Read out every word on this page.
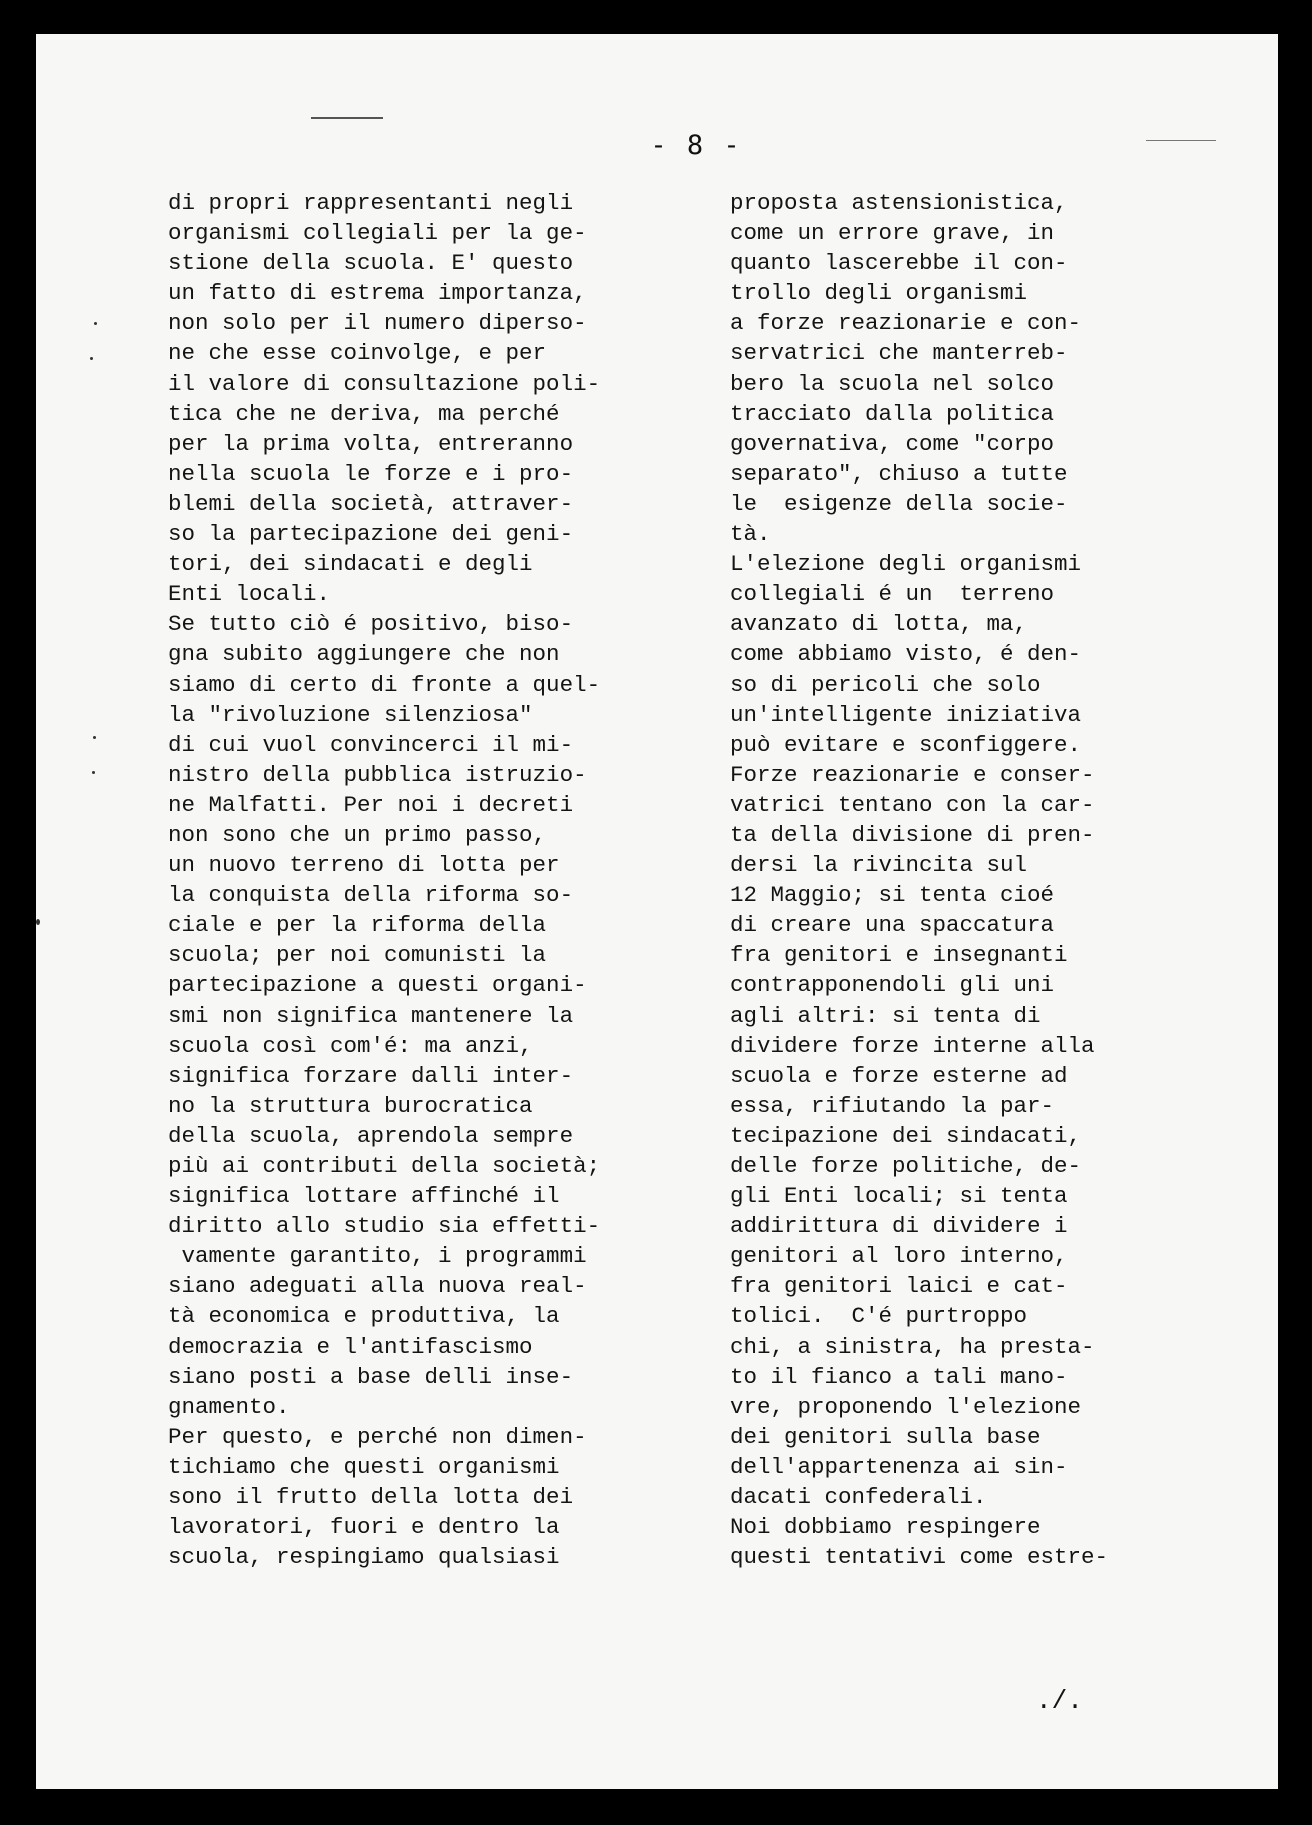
- 8 -
di propri rappresentanti negli
organismi collegiali per la ge-
stione della scuola. E' questo
un fatto di estrema importanza,
non solo per il numero dipersо-
ne che esse coinvolge, e per
il valore di consultazione poli-
tica che ne deriva, ma perché
per la prima volta, entreranno
nella scuola le forze e i pro-
blemi della società, attraver-
so la partecipazione dei geni-
tori, dei sindacati e degli
Enti locali.
Se tutto ciò é positivo, biso-
gna subito aggiungere che non
siamo di certo di fronte a quel-
la "rivoluzione silenziosa"
di cui vuol convincerci il mi-
nistro della pubblica istruzio-
ne Malfatti. Per noi i decreti
non sono che un primo passo,
un nuovo terreno di lotta per
la conquista della riforma so-
ciale e per la riforma della
scuola; per noi comunisti la
partecipazione a questi organi-
smi non significa mantenere la
scuola così com'é: ma anzi,
significa forzare dalli inter-
no la struttura burocratica
della scuola, aprendola sempre
più ai contributi della società;
significa lottare affinché il
diritto allo studio sia effetti-
vamente garantito, i programmi
siano adeguati alla nuova real-
tà economica e produttiva, la
democrazia e l'antifascismo
siano posti a base delli inse-
gnamento.
Per questo, e perché non dimen-
tichiamo che questi organismi
sono il frutto della lotta dei
lavoratori, fuori e dentro la
scuola, respingiamo qualsiasi
proposta astensionistica,
come un errore grave, in
quanto lascerebbe il con-
trollo degli organismi
a forze reazionarie e con-
servatrici che manterreb-
bero la scuola nel solco
tracciato dalla politica
governativa, come "corpo
separato", chiuso a tutte
le  esigenze della socie-
tà.
L'elezione degli organismi
collegiali é un  terreno
avanzato di lotta, ma,
come abbiamo visto, é den-
so di pericoli che solo
un'intelligente iniziativa
può evitare e sconfiggere.
Forze reazionarie e conser-
vatrici tentano con la car-
ta della divisione di pren-
dersi la rivincita sul
12 Maggio; si tenta cioé
di creare una spaccatura
fra genitori e insegnanti
contrapponendoli gli uni
agli altri: si tenta di
dividere forze interne alla
scuola e forze esterne ad
essa, rifiutando la par-
tecipazione dei sindacati,
delle forze politiche, de-
gli Enti locali; si tenta
addirittura di dividere i
genitori al loro interno,
fra genitori laici e cat-
tolici.  C'é purtroppo
chi, a sinistra, ha presta-
to il fianco a tali mano-
vre, proponendo l'elezione
dei genitori sulla base
dell'appartenenza ai sin-
dacati confederali.
Noi dobbiamo respingere
questi tentativi come estre-
./.
